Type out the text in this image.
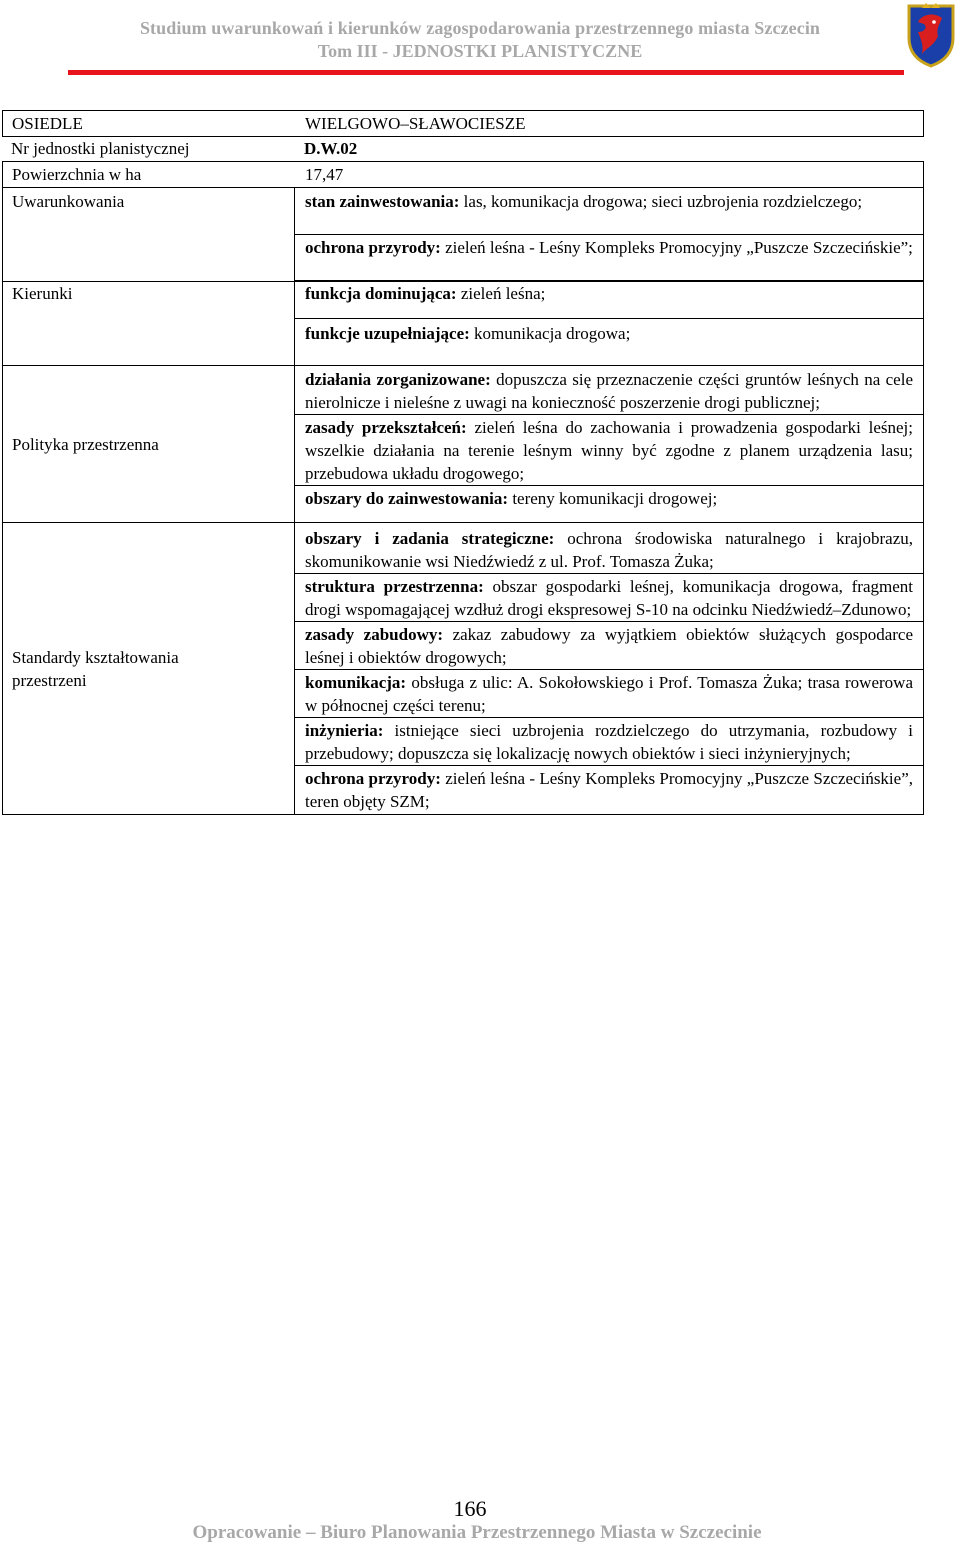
Studium uwarunkowań i kierunków zagospodarowania przestrzennego miasta Szczecin
Tom III - JEDNOSTKI PLANISTYCZNE
OSIEDLE	WIELGOWO–SŁAWOCIESZE
Nr jednostki planistycznej	D.W.02
Powierzchnia w ha	17,47
Uwarunkowania	stan zainwestowania: las, komunikacja drogowa; sieci uzbrojenia rozdzielczego;
ochrona przyrody: zieleń leśna - Leśny Kompleks Promocyjny „Puszcze Szczecińskie”;
Kierunki	funkcja dominująca: zieleń leśna;
funkcje uzupełniające: komunikacja drogowa;
Polityka przestrzenna
działania zorganizowane: dopuszcza się przeznaczenie części gruntów leśnych na cele nierolnicze i nieleśne z uwagi na konieczność poszerzenie drogi publicznej;
zasady przekształceń: zieleń leśna do zachowania i prowadzenia gospodarki leśnej; wszelkie działania na terenie leśnym winny być zgodne z planem urządzenia lasu; przebudowa układu drogowego;
obszary do zainwestowania: tereny komunikacji drogowej;
Standardy kształtowania przestrzeni
obszary i zadania strategiczne: ochrona środowiska naturalnego i krajobrazu, skomunikowanie wsi Niedźwiedź z ul. Prof. Tomasza Żuka;
struktura przestrzenna: obszar gospodarki leśnej, komunikacja drogowa, fragment drogi wspomagającej wzdłuż drogi ekspresowej S-10 na odcinku Niedźwiedź–Zdunowo;
zasady zabudowy: zakaz zabudowy za wyjątkiem obiektów służących gospodarce leśnej i obiektów drogowych;
komunikacja: obsługa z ulic: A. Sokołowskiego i Prof. Tomasza Żuka; trasa rowerowa w północnej części terenu;
inżynieria: istniejące sieci uzbrojenia rozdzielczego do utrzymania, rozbudowy i przebudowy; dopuszcza się lokalizację nowych obiektów i sieci inżynieryjnych;
ochrona przyrody: zieleń leśna - Leśny Kompleks Promocyjny „Puszcze Szczecińskie”, teren objęty SZM;
166
Opracowanie – Biuro Planowania Przestrzennego Miasta w Szczecinie
